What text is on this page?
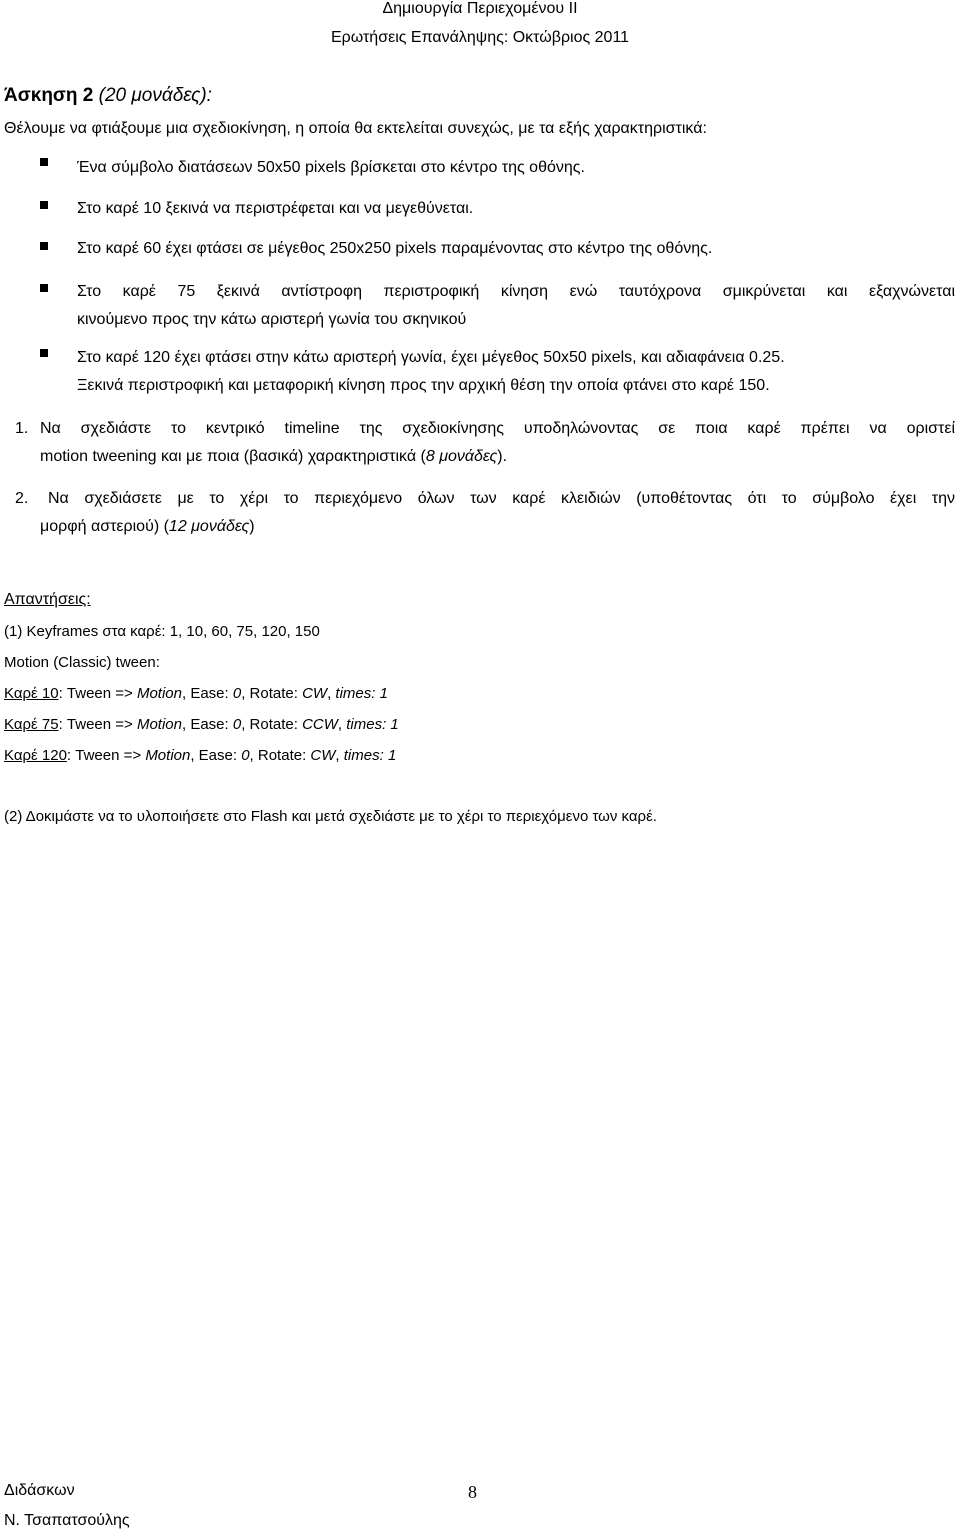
Δημιουργία Περιεχομένου ΙΙ
Ερωτήσεις Επανάληψης: Οκτώβριος 2011
Άσκηση 2 (20 μονάδες):
Θέλουμε να φτιάξουμε μια σχεδιοκίνηση, η οποία θα εκτελείται συνεχώς, με τα εξής χαρακτηριστικά:
Ένα σύμβολο διατάσεων 50x50 pixels βρίσκεται στο κέντρο της οθόνης.
Στο καρέ 10 ξεκινά να περιστρέφεται και να μεγεθύνεται.
Στο καρέ 60 έχει φτάσει σε μέγεθος 250x250 pixels παραμένοντας στο κέντρο της οθόνης.
Στο καρέ 75 ξεκινά αντίστροφη περιστροφική κίνηση ενώ ταυτόχρονα σμικρύνεται και εξαχνώνεται
κινούμενο προς την κάτω αριστερή γωνία του σκηνικού
Στο καρέ 120 έχει φτάσει στην κάτω αριστερή γωνία, έχει μέγεθος 50x50 pixels, και αδιαφάνεια 0.25.
Ξεκινά περιστροφική και μεταφορική κίνηση προς την αρχική θέση την οποία φτάνει στο καρέ 150.
1. Να σχεδιάστε το κεντρικό timeline της σχεδιοκίνησης υποδηλώνοντας σε ποια καρέ πρέπει να οριστεί
motion tweening και με ποια (βασικά) χαρακτηριστικά (8 μονάδες).
2. Να σχεδιάσετε με το χέρι το περιεχόμενο όλων των καρέ κλειδιών (υποθέτοντας ότι το σύμβολο έχει την
μορφή αστεριού) (12 μονάδες)
Απαντήσεις:
(1) Keyframes στα καρέ: 1, 10, 60, 75, 120, 150
Motion (Classic) tween:
Καρέ 10: Tween => Motion, Ease: 0, Rotate: CW, times: 1
Καρέ 75: Tween => Motion, Ease: 0, Rotate: CCW, times: 1
Καρέ 120: Tween => Motion, Ease: 0, Rotate: CW, times: 1
(2) Δοκιμάστε να το υλοποιήσετε στο Flash και μετά σχεδιάστε με το χέρι το περιεχόμενο των καρέ.
Διδάσκων	8
Ν. Τσαπατσούλης
